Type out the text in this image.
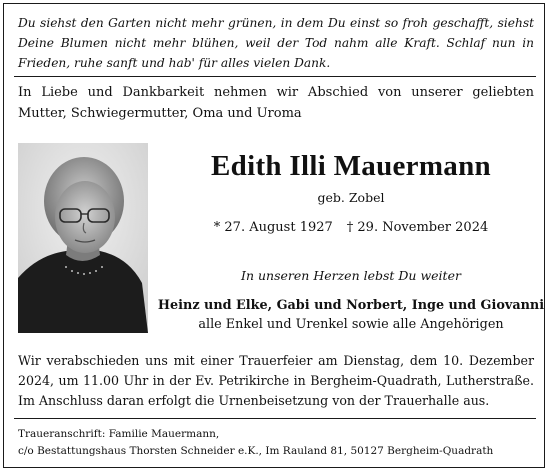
Du siehst den Garten nicht mehr grünen, in dem Du einst so froh geschafft, siehst
Deine Blumen nicht mehr blühen, weil der Tod nahm alle Kraft. Schlaf nun in
Frieden, ruhe sanft und hab' für alles vielen Dank.
In Liebe und Dankbarkeit nehmen wir Abschied von unserer geliebten
Mutter, Schwiegermutter, Oma und Uroma
Edith Illi Mauermann
geb. Zobel
* 27. August 1927 † 29. November 2024
In unseren Herzen lebst Du weiter
Heinz und Elke, Gabi und Norbert, Inge und Giovanni
alle Enkel und Urenkel sowie alle Angehörigen
Wir verabschieden uns mit einer Trauerfeier am Dienstag, dem 10. Dezember
2024, um 11.00 Uhr in der Ev. Petrikirche in Bergheim-Quadrath, Lutherstraße.
Im Anschluss daran erfolgt die Urnenbeisetzung von der Trauerhalle aus.
Traueranschrift: Familie Mauermann,
c/o Bestattungshaus Thorsten Schneider e.K., Im Rauland 81, 50127 Bergheim-Quadrath
